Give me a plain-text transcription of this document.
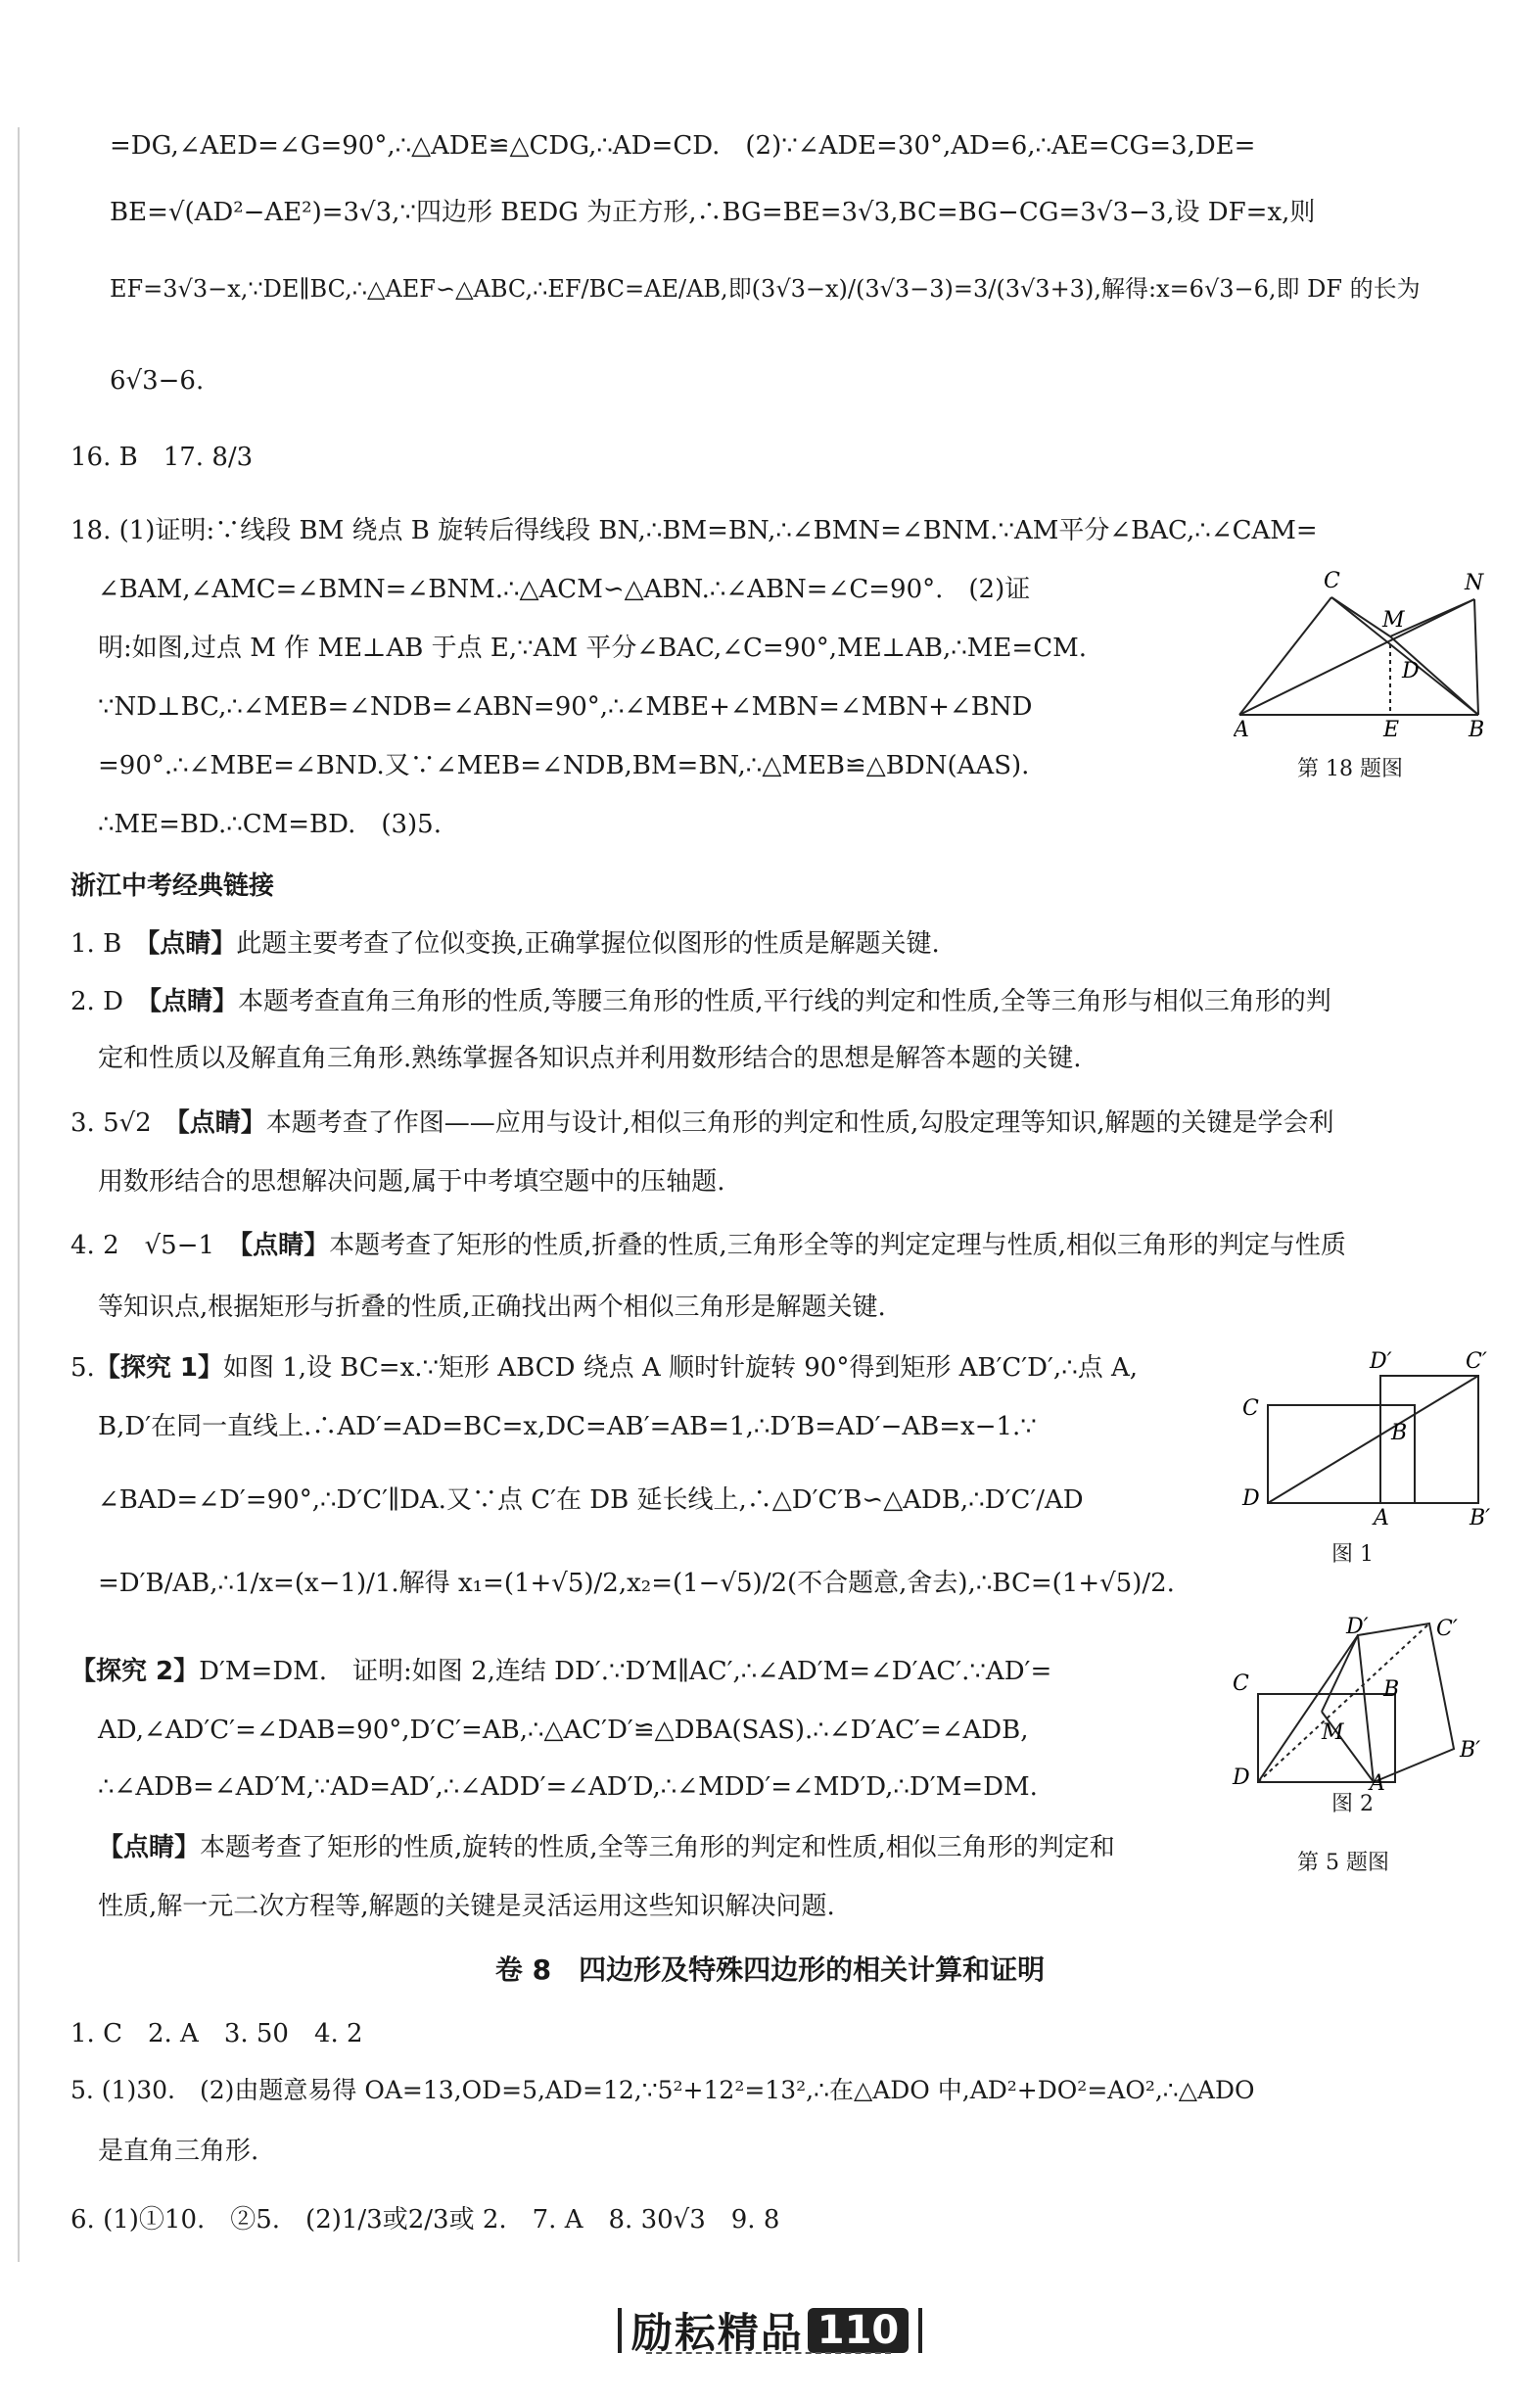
=DG,∠AED=∠G=90°,∴△ADE≌△CDG,∴AD=CD.　(2)∵∠ADE=30°,AD=6,∴AE=CG=3,DE=
BE=√(AD²−AE²)=3√3,∵四边形 BEDG 为正方形,∴BG=BE=3√3,BC=BG−CG=3√3−3,设 DF=x,则
EF=3√3−x,∵DE∥BC,∴△AEF∽△ABC,∴EF/BC=AE/AB,即(3√3−x)/(3√3−3)=3/(3√3+3),解得:x=6√3−6,即 DF 的长为
6√3−6.
16. B　17. 8/3
18. (1)证明:∵线段 BM 绕点 B 旋转后得线段 BN,∴BM=BN,∴∠BMN=∠BNM.∵AM平分∠BAC,∴∠CAM=
∠BAM,∠AMC=∠BMN=∠BNM.∴△ACM∽△ABN.∴∠ABN=∠C=90°.　(2)证
明:如图,过点 M 作 ME⊥AB 于点 E,∵AM 平分∠BAC,∠C=90°,ME⊥AB,∴ME=CM.
∵ND⊥BC,∴∠MEB=∠NDB=∠ABN=90°,∴∠MBE+∠MBN=∠MBN+∠BND
=90°.∴∠MBE=∠BND.又∵∠MEB=∠NDB,BM=BN,∴△MEB≌△BDN(AAS).
∴ME=BD.∴CM=BD.　(3)5.
C	N
M
D
A	E	B
第 18 题图
浙江中考经典链接
1. B　 【点睛】此题主要考查了位似变换,正确掌握位似图形的性质是解题关键.
2. D　 【点睛】本题考查直角三角形的性质,等腰三角形的性质,平行线的判定和性质,全等三角形与相似三角形的判
定和性质以及解直角三角形.熟练掌握各知识点并利用数形结合的思想是解答本题的关键.
3. 5√2　 【点睛】本题考查了作图——应用与设计,相似三角形的判定和性质,勾股定理等知识,解题的关键是学会利
用数形结合的思想解决问题,属于中考填空题中的压轴题.
4. 2　√5−1　 【点睛】本题考查了矩形的性质,折叠的性质,三角形全等的判定定理与性质,相似三角形的判定与性质
等知识点,根据矩形与折叠的性质,正确找出两个相似三角形是解题关键.
5.【探究 1】如图 1,设 BC=x.∵矩形 ABCD 绕点 A 顺时针旋转 90°得到矩形 AB′C′D′,∴点 A,
B,D′在同一直线上.∴AD′=AD=BC=x,DC=AB′=AB=1,∴D′B=AD′−AB=x−1.∵
∠BAD=∠D′=90°,∴D′C′∥DA.又∵点 C′在 DB 延长线上,∴△D′C′B∽△ADB,∴D′C′/AD
=D′B/AB,∴1/x=(x−1)/1.解得 x₁=(1+√5)/2,x₂=(1−√5)/2(不合题意,舍去),∴BC=(1+√5)/2.
【探究 2】D′M=DM.　证明:如图 2,连结 DD′.∵D′M∥AC′,∴∠AD′M=∠D′AC′.∵AD′=
AD,∠AD′C′=∠DAB=90°,D′C′=AB,∴△AC′D′≌△DBA(SAS).∴∠D′AC′=∠ADB,
∴∠ADB=∠AD′M,∵AD=AD′,∴∠ADD′=∠AD′D,∴∠MDD′=∠MD′D,∴D′M=DM.
【点睛】本题考查了矩形的性质,旋转的性质,全等三角形的判定和性质,相似三角形的判定和
性质,解一元二次方程等,解题的关键是灵活运用这些知识解决问题.
D′	C′
C
B
D
A	B′
图 1
D′	C′
C	B
M
B′
D	A
图 2
第 5 题图
卷 8　四边形及特殊四边形的相关计算和证明
1. C　2. A　3. 50　4. 2
5. (1)30.　(2)由题意易得 OA=13,OD=5,AD=12,∵5²+12²=13²,∴在△ADO 中,AD²+DO²=AO²,∴△ADO
是直角三角形.
6. (1)①10.　②5.　(2)1/3或2/3或 2.　7. A　8. 30√3　9. 8
励耘精品 110
